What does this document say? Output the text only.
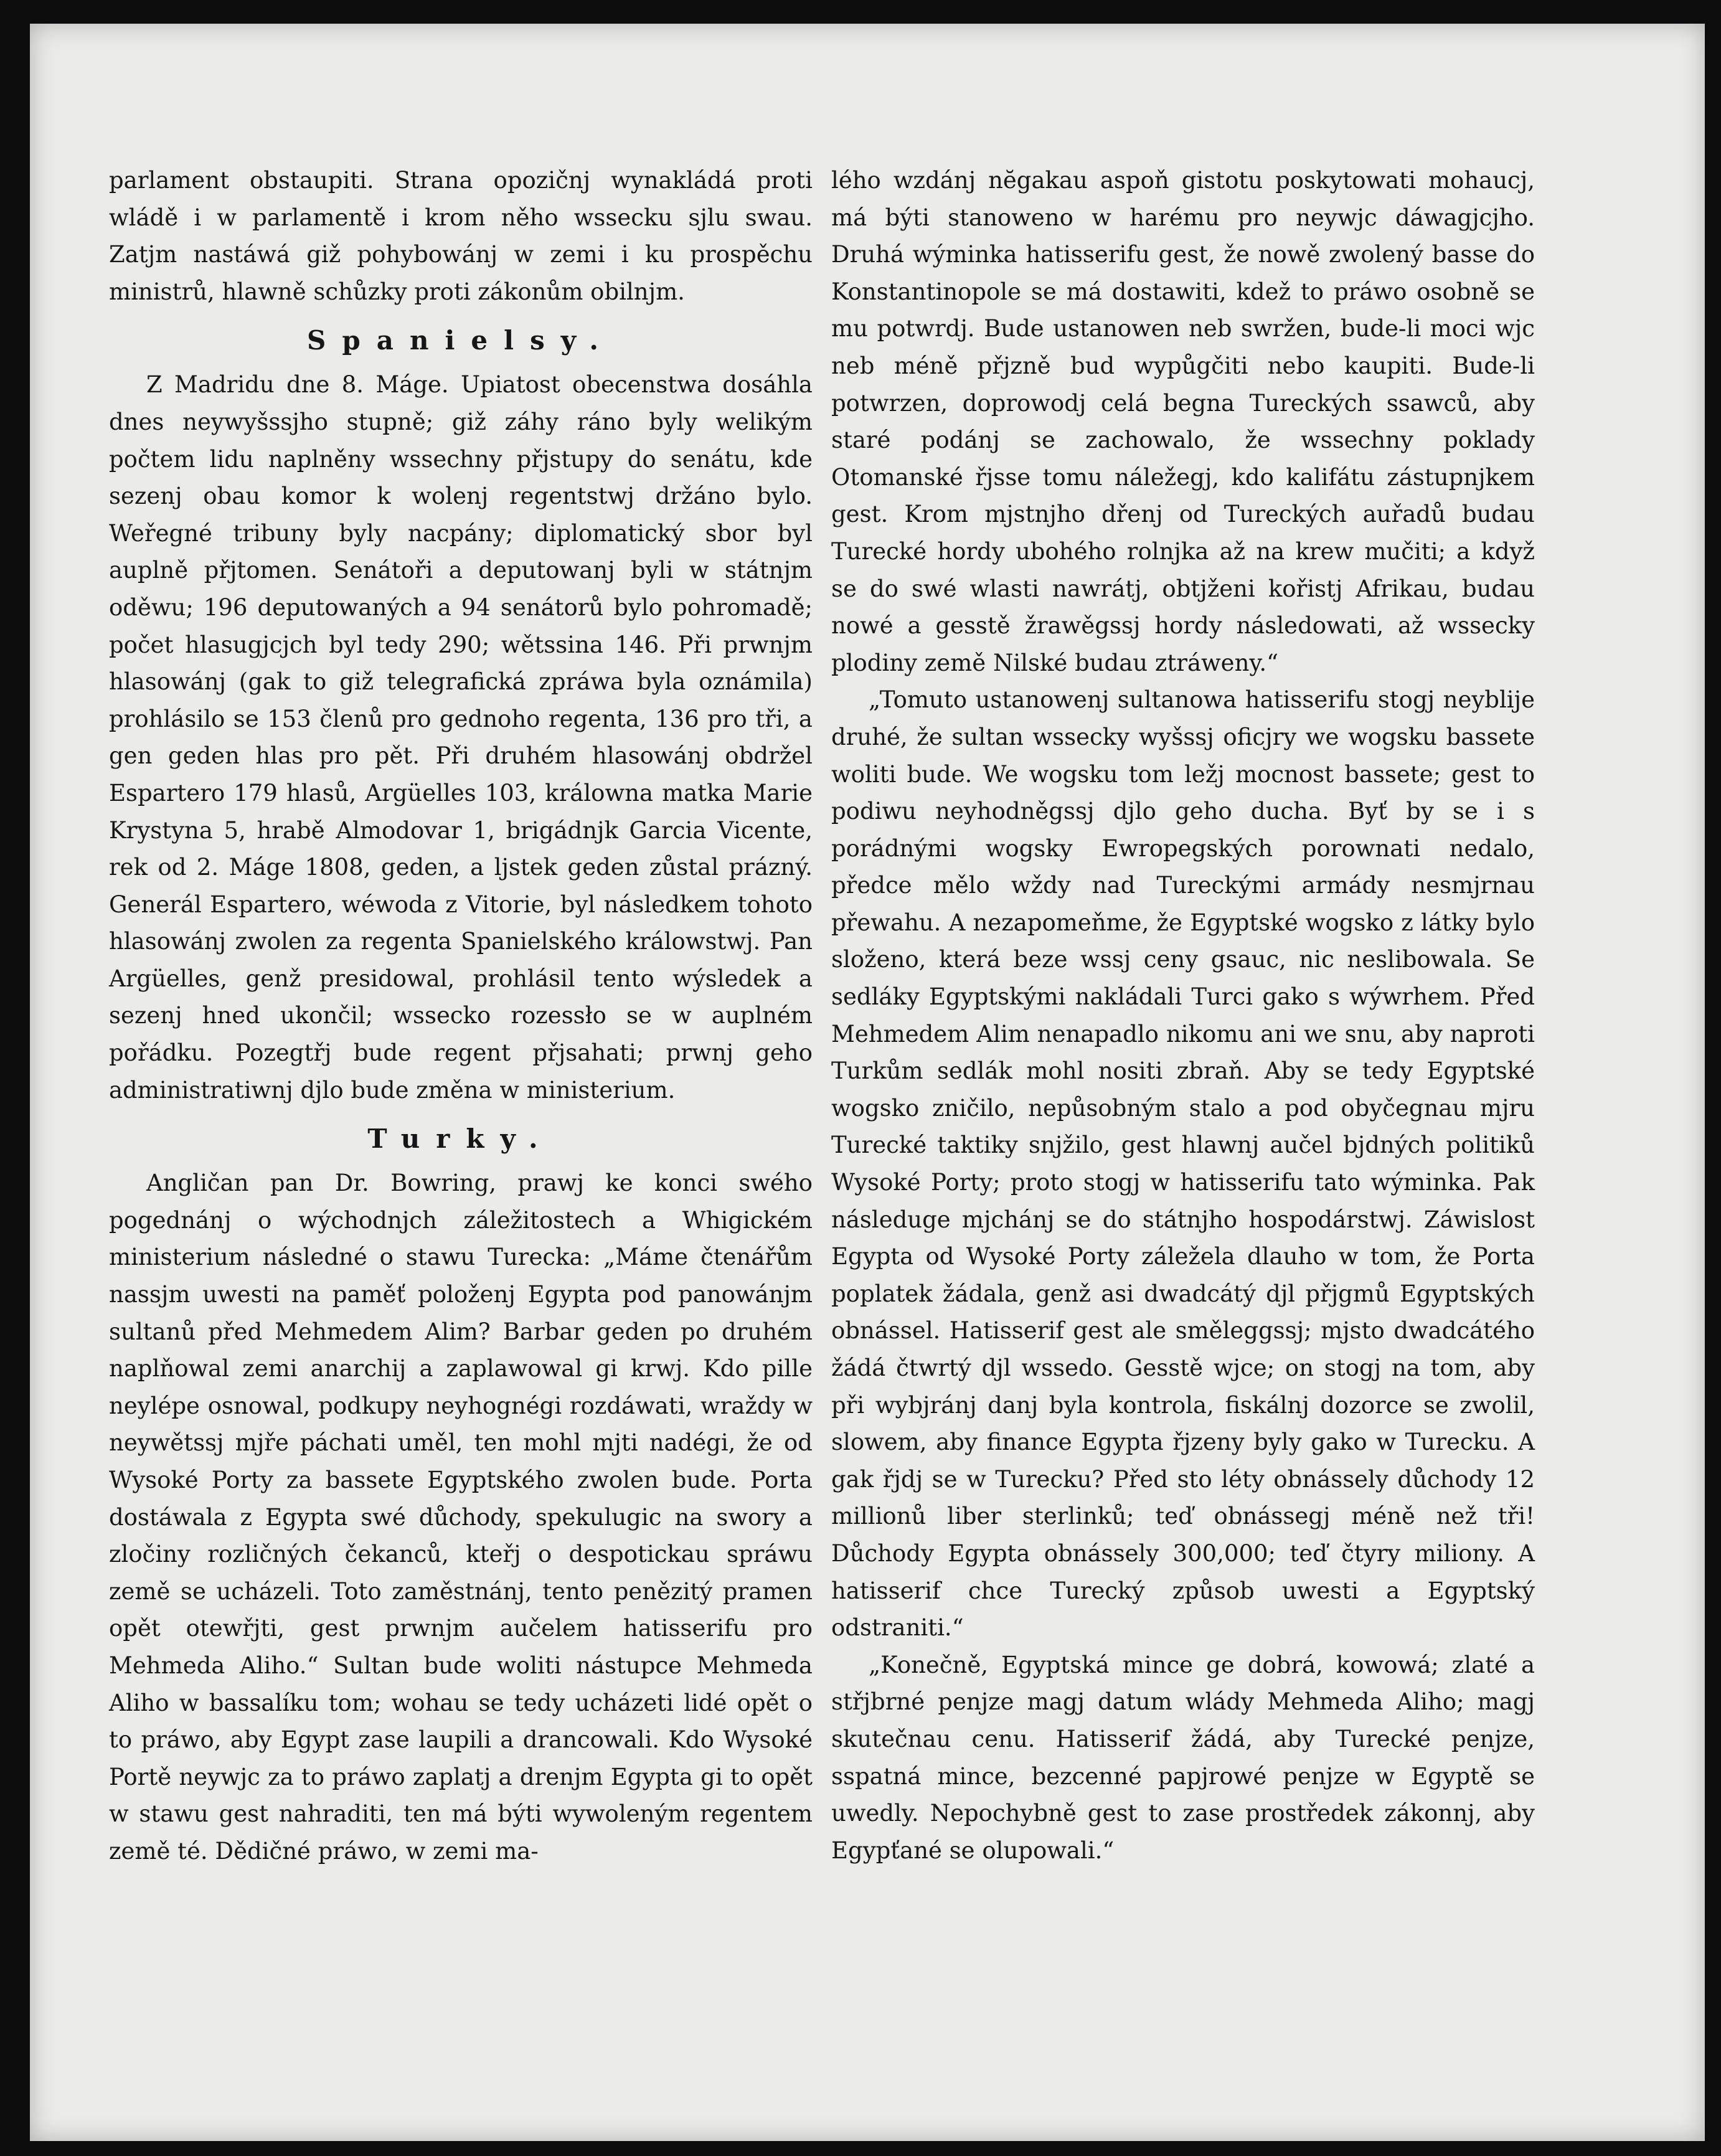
parlament obstaupiti. Strana opozičnj wynakládá proti wládě i w parlamentě i krom něho wssecku sjlu swau. Zatjm nastáwá giž pohybowánj w zemi i ku prospěchu ministrů, hlawně schůzky proti zákonům obilnjm.

Spanielsy.

Z Madridu dne 8. Máge. Upiatost obecenstwa dosáhla dnes neywyšssjho stupně; giž záhy ráno byly welikým počtem lidu naplněny wssechny přjstupy do senátu, kde sezenj obau komor k wolenj regentstwj držáno bylo. Weřegné tribuny byly nacpány; diplomatický sbor byl auplně přjtomen. Senátoři a deputowanj byli w státnjm oděwu; 196 deputowaných a 94 senátorů bylo pohromadě; počet hlasugjcjch byl tedy 290; wětssina 146. Při prwnjm hlasowánj (gak to giž telegrafická zpráwa byla oznámila) prohlásilo se 153 členů pro gednoho regenta, 136 pro tři, a gen geden hlas pro pět. Při druhém hlasowánj obdržel Espartero 179 hlasů, Argüelles 103, králowna matka Marie Krystyna 5, hrabě Almodovar 1, brigádnjk Garcia Vicente, rek od 2. Máge 1808, geden, a ljstek geden zůstal prázný. Generál Espartero, wéwoda z Vitorie, byl následkem tohoto hlasowánj zwolen za regenta Spanielského králowstwj. Pan Argüelles, genž presidowal, prohlásil tento wýsledek a sezenj hned ukončil; wssecko rozessło se w auplném pořádku. Pozegtřj bude regent přjsahati; prwnj geho administratiwnj djlo bude změna w ministerium.

Turky.

Angličan pan Dr. Bowring, prawj ke konci swého pogednánj o wýchodnjch záležitostech a Whigickém ministerium následné o stawu Turecka: „Máme čtenářům nassjm uwesti na paměť položenj Egypta pod panowánjm sultanů před Mehmedem Alim? Barbar geden po druhém naplňowal zemi anarchij a zaplawowal gi krwj. Kdo pille neylépe osnowal, podkupy neyhognégi rozdáwati, wraždy w neywětssj mjře páchati uměl, ten mohl mjti nadégi, že od Wysoké Porty za bassete Egyptského zwolen bude. Porta dostáwala z Egypta swé důchody, spekulugic na swory a zločiny rozličných čekanců, kteřj o despotickau spráwu země se ucházeli. Toto zaměstnánj, tento penězitý pramen opět otewřjti, gest prwnjm aučelem hatisserifu pro Mehmeda Aliho.“ Sultan bude woliti nástupce Mehmeda Aliho w bassalíku tom; wohau se tedy ucházeti lidé opět o to práwo, aby Egypt zase laupili a drancowali. Kdo Wysoké Portě neywjc za to práwo zaplatj a drenjm Egypta gi to opět w stawu gest nahraditi, ten má býti wywoleným regentem země té. Dědičné práwo, w zemi ma-

lého wzdánj nĕgakau aspoň gistotu poskytowati mohaucj, má býti stanoweno w harému pro neywjc dáwagjcjho. Druhá wýminka hatisserifu gest, že nowě zwolený basse do Konstantinopole se má dostawiti, kdež to práwo osobně se mu potwrdj. Bude ustanowen neb swržen, bude-li moci wjc neb méně přjzně bud wypůgčiti nebo kaupiti. Bude-li potwrzen, doprowodj celá begna Tureckých ssawců, aby staré podánj se zachowalo, že wssechny poklady Otomanské řjsse tomu náležegj, kdo kalifátu zástupnjkem gest. Krom mjstnjho dřenj od Tureckých auřadů budau Turecké hordy ubohého rolnjka až na krew mučiti; a když se do swé wlasti nawrátj, obtjženi kořistj Afrikau, budau nowé a gesstě žrawěgssj hordy následowati, až wssecky plodiny země Nilské budau ztráweny.“

„Tomuto ustanowenj sultanowa hatisserifu stogj neyblije druhé, že sultan wssecky wyšssj oficjry we wogsku bassete woliti bude. We wogsku tom ležj mocnost bassete; gest to podiwu neyhodněgssj djlo geho ducha. Byť by se i s porádnými wogsky Ewropegských porownati nedalo, předce mělo wždy nad Tureckými armády nesmjrnau přewahu. A nezapomeňme, že Egyptské wogsko z látky bylo složeno, která beze wssj ceny gsauc, nic neslibowala. Se sedláky Egyptskými nakládali Turci gako s wýwrhem. Před Mehmedem Alim nenapadlo nikomu ani we snu, aby naproti Turkům sedlák mohl nositi zbraň. Aby se tedy Egyptské wogsko zničilo, nepůsobným stalo a pod obyčegnau mjru Turecké taktiky snjžilo, gest hlawnj aučel bjdných politiků Wysoké Porty; proto stogj w hatisserifu tato wýminka. Pak následuge mjchánj se do státnjho hospodárstwj. Záwislost Egypta od Wysoké Porty záležela dlauho w tom, že Porta poplatek žádala, genž asi dwadcátý djl přjgmů Egyptských obnássel. Hatisserif gest ale směleggssj; mjsto dwadcátého žádá čtwrtý djl wssedo. Gesstě wjce; on stogj na tom, aby při wybjránj danj byla kontrola, fiskálnj dozorce se zwolil, slowem, aby finance Egypta řjzeny byly gako w Turecku. A gak řjdj se w Turecku? Před sto léty obnássely důchody 12 millionů liber sterlinků; teď obnássegj méně než tři! Důchody Egypta obnássely 300,000; teď čtyry miliony. A hatisserif chce Turecký způsob uwesti a Egyptský odstraniti.“

„Konečně, Egyptská mince ge dobrá, kowowá; zlaté a střjbrné penjze magj datum wlády Mehmeda Aliho; magj skutečnau cenu. Hatisserif žádá, aby Turecké penjze, sspatná mince, bezcenné papjrowé penjze w Egyptě se uwedly. Nepochybně gest to zase prostředek zákonnj, aby Egypťané se olupowali.“
